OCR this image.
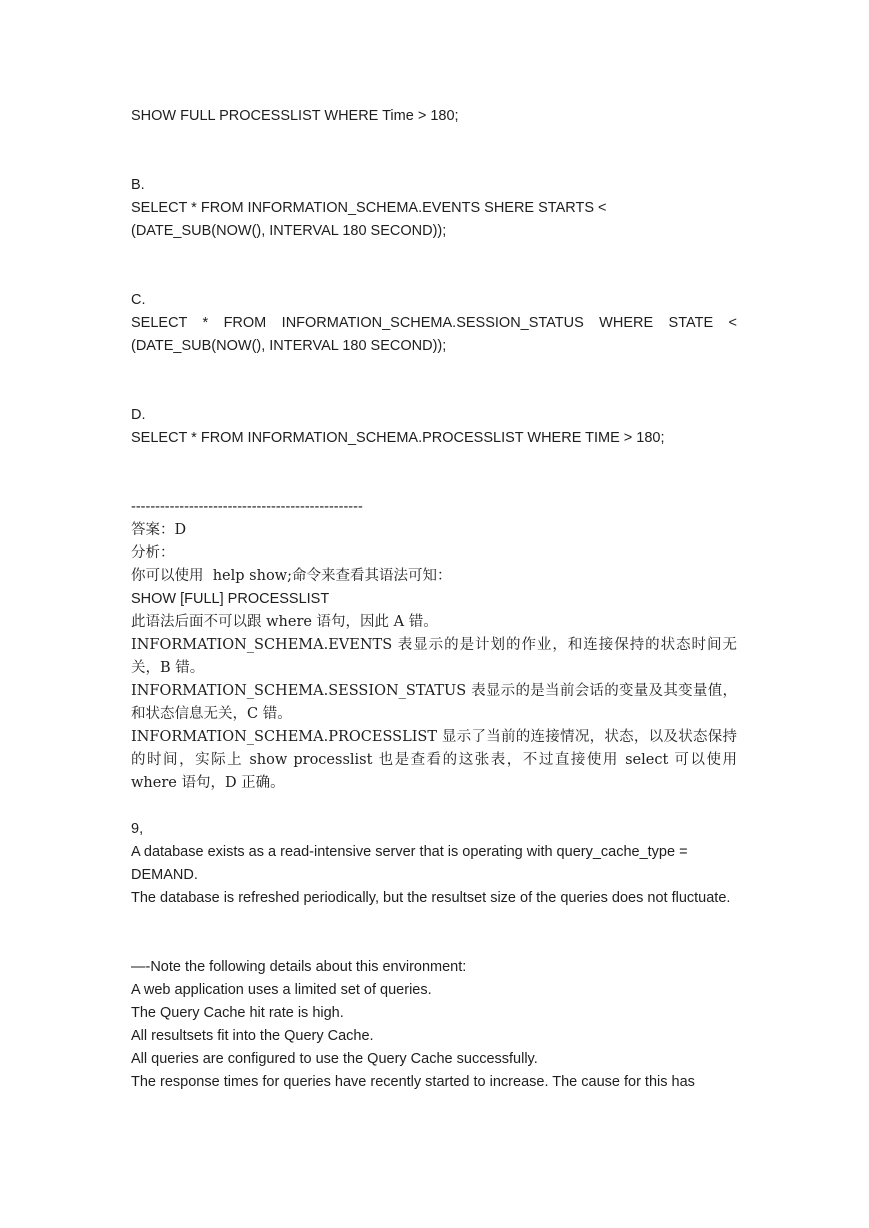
SHOW FULL PROCESSLIST WHERE Time > 180;
B.
SELECT * FROM INFORMATION_SCHEMA.EVENTS SHERE STARTS < (DATE_SUB(NOW(), INTERVAL 180 SECOND));
C.
SELECT * FROM INFORMATION_SCHEMA.SESSION_STATUS WHERE STATE < (DATE_SUB(NOW(), INTERVAL 180 SECOND));
D.
SELECT * FROM INFORMATION_SCHEMA.PROCESSLIST WHERE TIME > 180;
------------------------------------------------
答案：D
分析：
你可以使用  help show;命令来查看其语法可知：
SHOW [FULL] PROCESSLIST
此语法后面不可以跟 where 语句，因此 A 错。
INFORMATION_SCHEMA.EVENTS 表显示的是计划的作业，和连接保持的状态时间无关，B 错。
INFORMATION_SCHEMA.SESSION_STATUS 表显示的是当前会话的变量及其变量值，和状态信息无关，C 错。
INFORMATION_SCHEMA.PROCESSLIST 显示了当前的连接情况，状态，以及状态保持的时间，实际上 show processlist 也是查看的这张表，不过直接使用 select 可以使用 where 语句，D 正确。
9,
A database exists as a read-intensive server that is operating with query_cache_type = DEMAND.
The database is refreshed periodically, but the resultset size of the queries does not fluctuate.
—-Note the following details about this environment:
A web application uses a limited set of queries.
The Query Cache hit rate is high.
All resultsets fit into the Query Cache.
All queries are configured to use the Query Cache successfully.
The response times for queries have recently started to increase. The cause for this has
